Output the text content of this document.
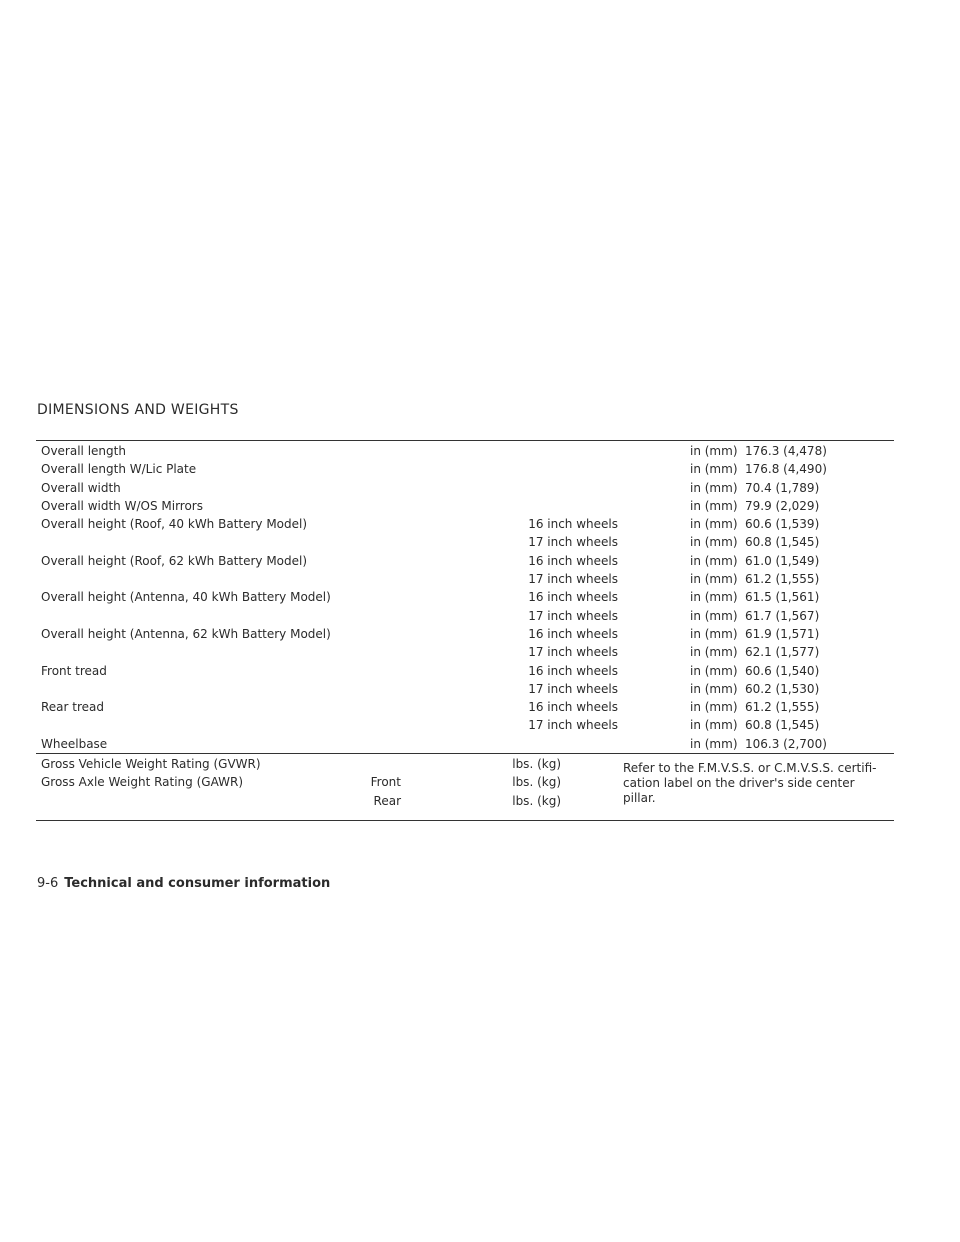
DIMENSIONS AND WEIGHTS
Overall length	in (mm) 176.3 (4,478)
Overall length W/Lic Plate	in (mm) 176.8 (4,490)
Overall width	in (mm) 70.4 (1,789)
Overall width W/OS Mirrors	in (mm) 79.9 (2,029)
Overall height (Roof, 40 kWh Battery Model)	16 inch wheels	in (mm) 60.6 (1,539)
17 inch wheels	in (mm) 60.8 (1,545)
Overall height (Roof, 62 kWh Battery Model)	16 inch wheels	in (mm) 61.0 (1,549)
17 inch wheels	in (mm) 61.2 (1,555)
Overall height (Antenna, 40 kWh Battery Model)	16 inch wheels	in (mm) 61.5 (1,561)
17 inch wheels	in (mm) 61.7 (1,567)
Overall height (Antenna, 62 kWh Battery Model)	16 inch wheels	in (mm) 61.9 (1,571)
17 inch wheels	in (mm) 62.1 (1,577)
Front tread	16 inch wheels	in (mm) 60.6 (1,540)
17 inch wheels	in (mm) 60.2 (1,530)
Rear tread	16 inch wheels	in (mm) 61.2 (1,555)
17 inch wheels	in (mm) 60.8 (1,545)
Wheelbase	in (mm) 106.3 (2,700)
Gross Vehicle Weight Rating (GVWR)	lbs. (kg)
Gross Axle Weight Rating (GAWR)	Front	lbs. (kg)
Rear	lbs. (kg)
Refer to the F.M.V.S.S. or C.M.V.S.S. certifi-cation label on the driver's side center pillar.
9-6 Technical and consumer information
